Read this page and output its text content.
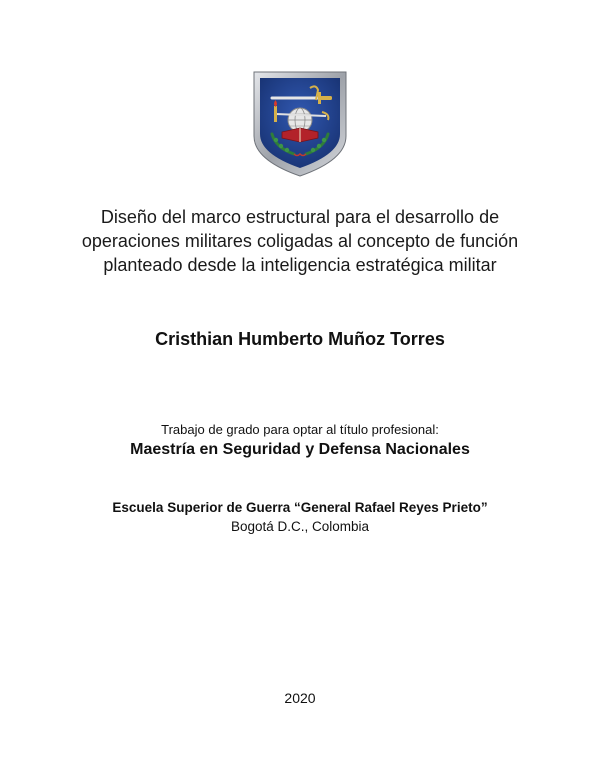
Diseño del marco estructural para el desarrollo de operaciones militares coligadas al concepto de función planteado desde la inteligencia estratégica militar
Cristhian Humberto Muñoz Torres
Trabajo de grado para optar al título profesional:
Maestría en Seguridad y Defensa Nacionales
Escuela Superior de Guerra “General Rafael Reyes Prieto”
Bogotá D.C., Colombia
2020
